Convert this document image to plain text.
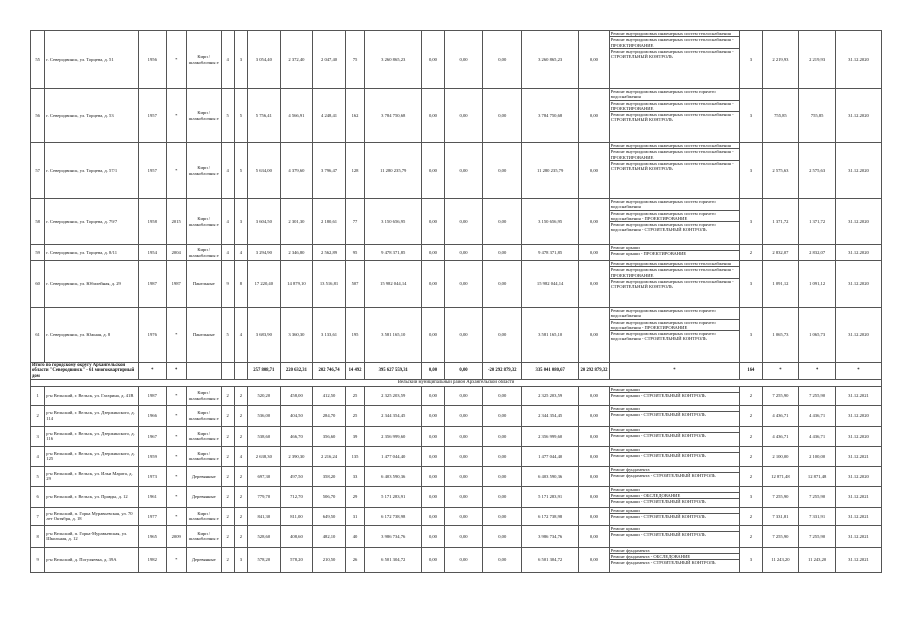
55	г. Северодвинск, ул. Торцева, д. 51	1956	*	Кирп / шлакоблочны е	4	3	3 054,40	2 372,40	2 047,40	75	3 260 865,23	0,00	0,00	0,00	3 260 865,23	0,00	Ремонт внутридомовых инженерных систем теплоснабжения
Ремонт внутридомовых инженерных систем теплоснабжения - ПРОЕКТИРОВАНИЕ
Ремонт внутридомовых инженерных систем теплоснабжения - СТРОИТЕЛЬНЫЙ КОНТРОЛЬ	3	2 219,93	2 219,93	31.12.2020
56	г. Северодвинск, ул. Торцева, д. 53	1957	*	Кирп / шлакоблочны е	5	5	5 756,41	4 566,91	4 248,41	162	3 784 750,68	0,00	0,00	0,00	3 784 750,68	0,00	Ремонт внутридомовых инженерных систем горячего водоснабжения
Ремонт внутридомовых инженерных систем теплоснабжения - ПРОЕКТИРОВАНИЕ
Ремонт внутридомовых инженерных систем теплоснабжения - СТРОИТЕЛЬНЫЙ КОНТРОЛЬ	3	755,85	755,85	31.12.2020
57	г. Северодвинск, ул. Торцева, д. 57/1	1957	*	Кирп / шлакоблочны е	4	5	5 634,00	4 379,60	3 796,47	128	11 280 235,79	0,00	0,00	0,00	11 280 235,79	0,00	Ремонт внутридомовых инженерных систем теплоснабжения
Ремонт внутридомовых инженерных систем теплоснабжения - ПРОЕКТИРОВАНИЕ
Ремонт внутридомовых инженерных систем теплоснабжения - СТРОИТЕЛЬНЫЙ КОНТРОЛЬ	3	2 575,63	2 575,63	31.12.2020
58	г. Северодвинск, ул. Торцева, д. 79/7	1958	2015	Кирп / шлакоблочны е	4	3	3 604,50	2 301,30	2 180,61	77	3 150 656,95	0,00	0,00	0,00	3 150 656,95	0,00	Ремонт внутридомовых инженерных систем горячего водоснабжения
Ремонт внутридомовых инженерных систем горячего водоснабжения - ПРОЕКТИРОВАНИЕ
Ремонт внутридомовых инженерных систем горячего водоснабжения - СТРОИТЕЛЬНЫЙ КОНТРОЛЬ	3	1 371,72	1 371,72	31.12.2020
59	г. Северодвинск, ул. Торцева, д. 8/11	1954	2004	Кирп / шлакоблочны е	4	4	3 294,90	2 346,80	2 562,89	95	9 478 371,85	0,00	0,00	0,00	9 478 371,85	0,00	Ремонт крыши
Ремонт крыши - ПРОЕКТИРОВАНИЕ	2	2 832,07	2 832,07	31.12.2020
60	г. Северодвинск, ул. Юбилейная, д. 29	1987	1987	Панельные	9	8	17 220,40	14 879,10	13 516,81	507	15 982 044,14	0,00	0,00	0,00	15 982 044,14	0,00	Ремонт внутридомовых инженерных систем теплоснабжения
Ремонт внутридомовых инженерных систем теплоснабжения - ПРОЕКТИРОВАНИЕ
Ремонт внутридомовых инженерных систем теплоснабжения - СТРОИТЕЛЬНЫЙ КОНТРОЛЬ	3	1 091,12	1 091,12	31.12.2020
61	г. Северодвинск, ул. Южная, д. 8	1976	*	Панельные	5	4	3 683,90	3 360,30	3 133,61	195	3 581 165,10	0,00	0,00	0,00	3 581 165,10	0,00	Ремонт внутридомовых инженерных систем горячего водоснабжения
Ремонт внутридомовых инженерных систем горячего водоснабжения - ПРОЕКТИРОВАНИЕ
Ремонт внутридомовых инженерных систем горячего водоснабжения - СТРОИТЕЛЬНЫЙ КОНТРОЛЬ	3	1 065,73	1 065,73	31.12.2020
Итого по городскому округу Архангельской области "Северодвинск" - 61 многоквартирный дом		*	*				257 808,71	220 632,31	202 746,74	14 492	395 627 559,31	0,00	0,00	-20 292 879,32	335 041 080,67	20 292 879,32	*	164	*	*	*
Вельский муниципальный район Архангельской области																					
1	р-н Вельский, г. Вельск, ул. Гагарина, д. 41В	1987	*	Кирп / шлакоблочны е	2	2	520,20	458,00	412,50	25	2 325 203,59	0,00	0,00	0,00	2 325 203,59	0,00	Ремонт крыши
Ремонт крыши - СТРОИТЕЛЬНЫЙ КОНТРОЛЬ	2	7 255,90	7 255,90	31.12.2021
2	р-н Вельский, г. Вельск, ул. Дзержинского, д. 114	1966	*	Кирп / шлакоблочны е	2	2	536,00	404,50	284,70	25	2 344 354,45	0,00	0,00	0,00	2 344 354,45	0,00	Ремонт крыши
Ремонт крыши - СТРОИТЕЛЬНЫЙ КОНТРОЛЬ	2	4 436,71	4 436,71	31.12.2020
3	р-н Вельский, г. Вельск, ул. Дзержинского, д. 116	1967	*	Кирп / шлакоблочны е	2	2	538,60	466,70	356,60	39	2 356 999,60	0,00	0,00	0,00	2 356 999,60	0,00	Ремонт крыши
Ремонт крыши - СТРОИТЕЛЬНЫЙ КОНТРОЛЬ	2	4 436,71	4 436,71	31.12.2020
4	р-н Вельский, г. Вельск, ул. Дзержинского, д. 125	1959	*	Кирп / шлакоблочны е	2	4	2 638,30	2 390,30	2 216,24	135	1 477 044,40	0,00	0,00	0,00	1 477 044,40	0,00	Ремонт крыши
Ремонт крыши - СТРОИТЕЛЬНЫЙ КОНТРОЛЬ	2	2 100,00	2 100,00	31.12.2021
5	р-н Вельский, г. Вельск, ул. Ильи Марата, д. 29	1973	*	Деревянные	2	2	697,30	497,50	358,20	33	6 403 590,36	0,00	0,00	0,00	6 403 590,36	0,00	Ремонт фундамента
Ремонт фундамента - СТРОИТЕЛЬНЫЙ КОНТРОЛЬ	2	12 871,48	12 871,48	31.12.2020
6	р-н Вельский, г. Вельск, ул. Правды, д. 12	1961	*	Деревянные	2	2	779,70	712,70	506,70	29	5 171 283,91	0,00	0,00	0,00	5 171 283,91	0,00	Ремонт крыши
Ремонт крыши - ОБСЛЕДОВАНИЕ
Ремонт крыши - СТРОИТЕЛЬНЫЙ КОНТРОЛЬ	3	7 255,90	7 255,90	31.12.2021
7	р-н Вельский, п. Горка Муравьевская, ул. 70 лет Октября, д. 18	1977	*	Кирп / шлакоблочны е	2	2	841,30	811,00	649,50	31	6 172 738,98	0,00	0,00	0,00	6 172 738,98	0,00	Ремонт крыши
Ремонт крыши - СТРОИТЕЛЬНЫЙ КОНТРОЛЬ	2	7 331,81	7 331,91	31.12.2021
8	р-н Вельский, п. Горка-Муравьевская, ул. Школьная, д. 12	1965	2009	Кирп / шлакоблочны е	2	2	528,60	408,60	482,10	40	3 986 734,76	0,00	0,00	0,00	3 986 734,76	0,00	Ремонт крыши
Ремонт крыши - СТРОИТЕЛЬНЫЙ КОНТРОЛЬ	2	7 255,90	7 255,90	31.12.2021
9	р-н Вельский, д. Погуляевка, д. 39А	1982	*	Деревянные	2	3	578,20	578,20	210,50	26	6 501 304,72	0,00	0,00	0,00	6 501 304,72	0,00	Ремонт фундамента
Ремонт фундамента - ОБСЛЕДОВАНИЕ
Ремонт фундамента - СТРОИТЕЛЬНЫЙ КОНТРОЛЬ	3	11 243,20	11 243,20	31.12.2021
